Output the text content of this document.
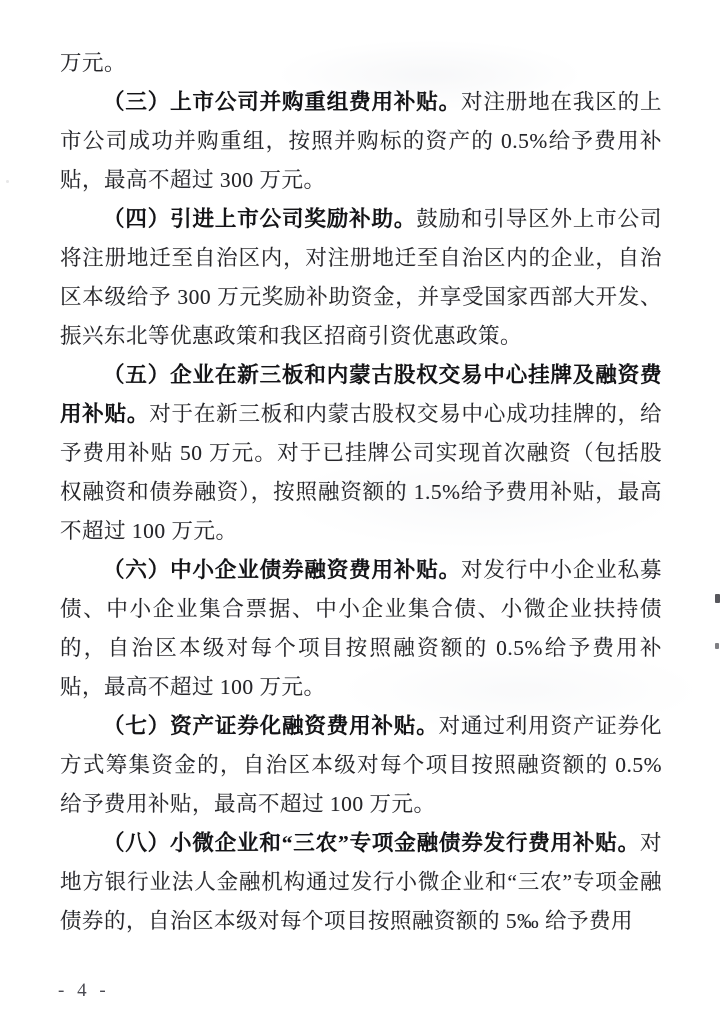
万元。

（三）上市公司并购重组费用补贴。对注册地在我区的上市公司成功并购重组，按照并购标的资产的 0.5%给予费用补贴，最高不超过 300 万元。

（四）引进上市公司奖励补助。鼓励和引导区外上市公司将注册地迁至自治区内，对注册地迁至自治区内的企业，自治区本级给予 300 万元奖励补助资金，并享受国家西部大开发、振兴东北等优惠政策和我区招商引资优惠政策。

（五）企业在新三板和内蒙古股权交易中心挂牌及融资费用补贴。对于在新三板和内蒙古股权交易中心成功挂牌的，给予费用补贴 50 万元。对于已挂牌公司实现首次融资（包括股权融资和债券融资），按照融资额的 1.5%给予费用补贴，最高不超过 100 万元。

（六）中小企业债券融资费用补贴。对发行中小企业私募债、中小企业集合票据、中小企业集合债、小微企业扶持债的，自治区本级对每个项目按照融资额的 0.5%给予费用补贴，最高不超过 100 万元。

（七）资产证券化融资费用补贴。对通过利用资产证券化方式筹集资金的，自治区本级对每个项目按照融资额的 0.5%给予费用补贴，最高不超过 100 万元。

（八）小微企业和“三农”专项金融债券发行费用补贴。对地方银行业法人金融机构通过发行小微企业和“三农”专项金融债券的，自治区本级对每个项目按照融资额的 5‰ 给予费用

- 4 -
